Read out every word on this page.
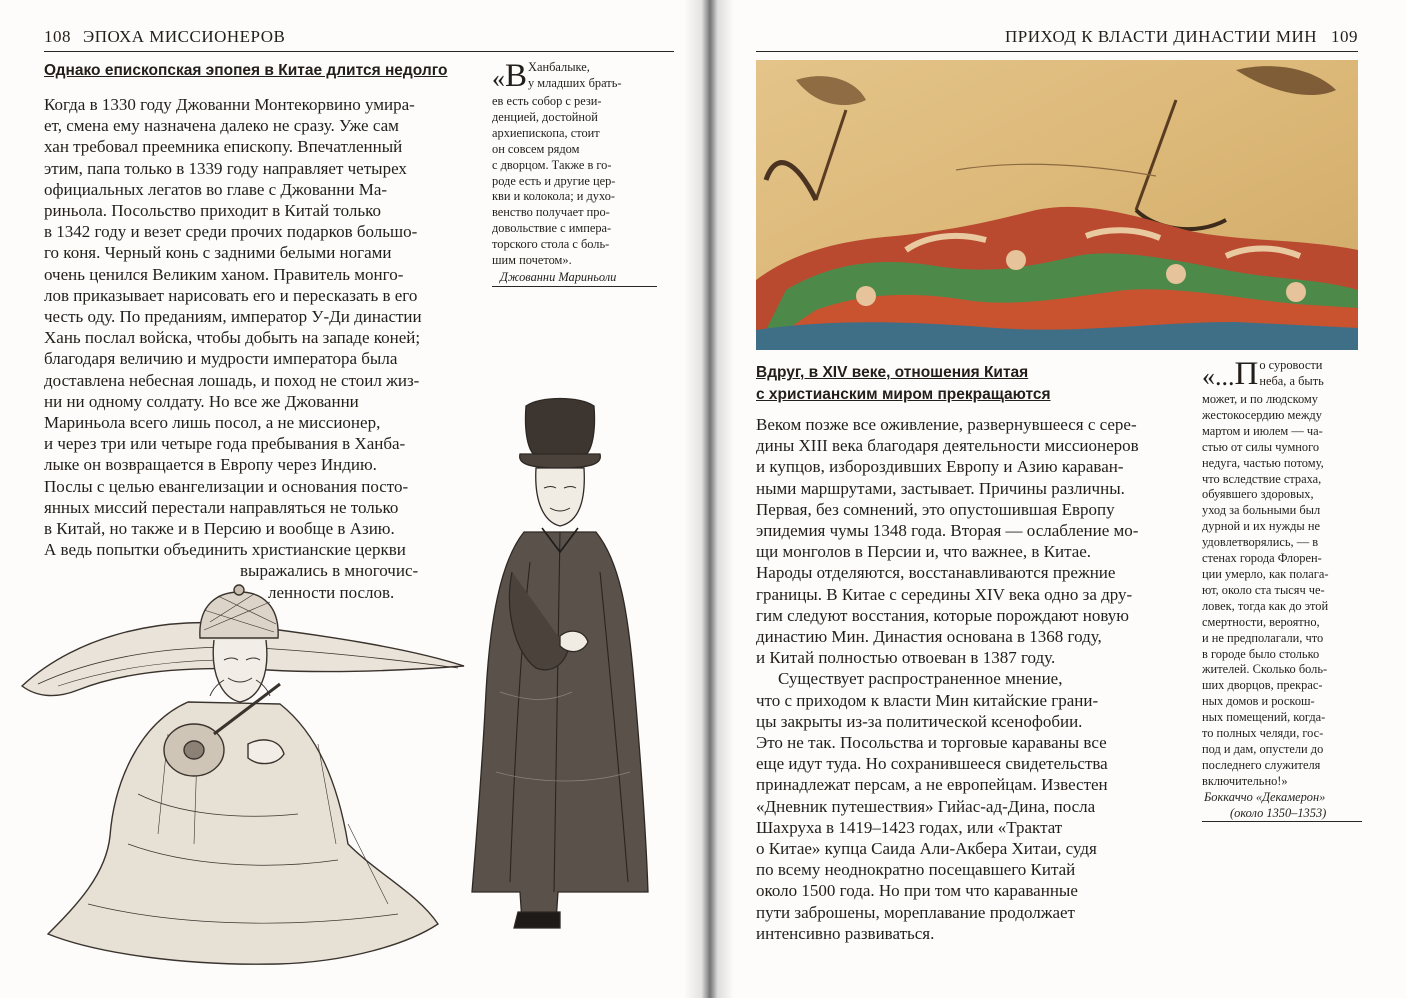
108 ЭПОХА МИССИОНЕРОВ
Однако епископская эпопея в Китае длится недолго
Когда в 1330 году Джованни Монтекорвино умира-
ет, смена ему назначена далеко не сразу. Уже сам
хан требовал преемника епископу. Впечатленный
этим, папа только в 1339 году направляет четырех
официальных легатов во главе с Джованни Ма-
риньола. Посольство приходит в Китай только
в 1342 году и везет среди прочих подарков большо-
го коня. Черный конь с задними белыми ногами
очень ценился Великим ханом. Правитель монго-
лов приказывает нарисовать его и пересказать в его
честь оду. По преданиям, император У-Ди династии
Хань послал войска, чтобы добыть на западе коней;
благодаря величию и мудрости императора была
доставлена небесная лошадь, и поход не стоил жиз-
ни ни одному солдату. Но все же Джованни
Мариньола всего лишь посол, а не миссионер,
и через три или четыре года пребывания в Ханба-
лыке он возвращается в Европу через Индию.
Послы с целью евангелизации и основания посто-
янных миссий перестали направляться не только
в Китай, но также и в Персию и вообще в Азию.
А ведь попытки объединить христианские церкви
выражались в многочис-
ленности послов.
« В Ханбалыке,
у младших брать-
ев есть собор с рези-
денцией, достойной
архиепископа, стоит
он совсем рядом
с дворцом. Также в го-
роде есть и другие цер-
кви и колокола; и духо-
венство получает про-
довольствие с импера-
торского стола с боль-
шим почетом».
Джованни Мариньоли
ПРИХОД К ВЛАСТИ ДИНАСТИИ МИН 109
Вдруг, в XIV веке, отношения Китая
с христианским миром прекращаются
Веком позже все оживление, развернувшееся с сере-
дины XIII века благодаря деятельности миссионеров
и купцов, избороздивших Европу и Азию караван-
ными маршрутами, застывает. Причины различны.
Первая, без сомнений, это опустошившая Европу
эпидемия чумы 1348 года. Вторая — ослабление мо-
щи монголов в Персии и, что важнее, в Китае.
Народы отделяются, восстанавливаются прежние
границы. В Китае с середины XIV века одно за дру-
гим следуют восстания, которые порождают новую
династию Мин. Династия основана в 1368 году,
и Китай полностью отвоеван в 1387 году.
Существует распространенное мнение,
что с приходом к власти Мин китайские грани-
цы закрыты из-за политической ксенофобии.
Это не так. Посольства и торговые караваны все
еще идут туда. Но сохранившееся свидетельства
принадлежат персам, а не европейцам. Известен
«Дневник путешествия» Гийас-ад-Дина, посла
Шахруха в 1419–1423 годах, или «Трактат
о Китае» купца Саида Али-Акбера Хитаи, судя
по всему неоднократно посещавшего Китай
около 1500 года. Но при том что караванные
пути заброшены, мореплавание продолжает
интенсивно развиваться.
«... П о суровости
неба, а быть
может, и по людскому
жестокосердию между
мартом и июлем — ча-
стью от силы чумного
недуга, частью потому,
что вследствие страха,
обуявшего здоровых,
уход за больными был
дурной и их нужды не
удовлетворялись, — в
стенах города Флорен-
ции умерло, как полага-
ют, около ста тысяч че-
ловек, тогда как до этой
смертности, вероятно,
и не предполагали, что
в городе было столько
жителей. Сколько боль-
ших дворцов, прекрас-
ных домов и роскош-
ных помещений, когда-
то полных челяди, гос-
под и дам, опустели до
последнего служителя
включительно!»
Боккаччо «Декамерон»
(около 1350–1353)
